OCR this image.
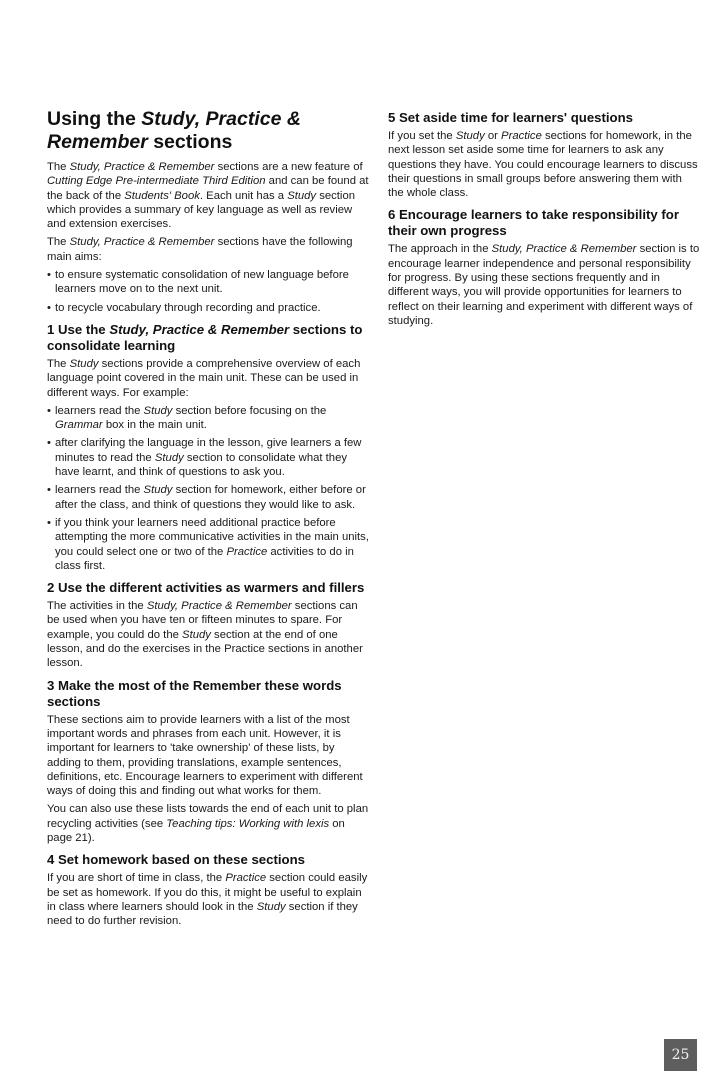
Using the Study, Practice & Remember sections

The Study, Practice & Remember sections are a new feature of Cutting Edge Pre-intermediate Third Edition and can be found at the back of the Students' Book. Each unit has a Study section which provides a summary of key language as well as review and extension exercises.

The Study, Practice & Remember sections have the following main aims:

• to ensure systematic consolidation of new language before learners move on to the next unit.
• to recycle vocabulary through recording and practice.
1 Use the Study, Practice & Remember sections to consolidate learning

The Study sections provide a comprehensive overview of each language point covered in the main unit. These can be used in different ways. For example:

• learners read the Study section before focusing on the Grammar box in the main unit.
• after clarifying the language in the lesson, give learners a few minutes to read the Study section to consolidate what they have learnt, and think of questions to ask you.
• learners read the Study section for homework, either before or after the class, and think of questions they would like to ask.
• if you think your learners need additional practice before attempting the more communicative activities in the main units, you could select one or two of the Practice activities to do in class first.
2 Use the different activities as warmers and fillers

The activities in the Study, Practice & Remember sections can be used when you have ten or fifteen minutes to spare. For example, you could do the Study section at the end of one lesson, and do the exercises in the Practice sections in another lesson.

3 Make the most of the Remember these words sections

These sections aim to provide learners with a list of the most important words and phrases from each unit. However, it is important for learners to 'take ownership' of these lists, by adding to them, providing translations, example sentences, definitions, etc. Encourage learners to experiment with different ways of doing this and finding out what works for them.

You can also use these lists towards the end of each unit to plan recycling activities (see Teaching tips: Working with lexis on page 21).

4 Set homework based on these sections

If you are short of time in class, the Practice section could easily be set as homework. If you do this, it might be useful to explain in class where learners should look in the Study section if they need to do further revision.

5 Set aside time for learners' questions

If you set the Study or Practice sections for homework, in the next lesson set aside some time for learners to ask any questions they have. You could encourage learners to discuss their questions in small groups before answering them with the whole class.

6 Encourage learners to take responsibility for their own progress

The approach in the Study, Practice & Remember section is to encourage learner independence and personal responsibility for progress. By using these sections frequently and in different ways, you will provide opportunities for learners to reflect on their learning and experiment with different ways of studying.

25
